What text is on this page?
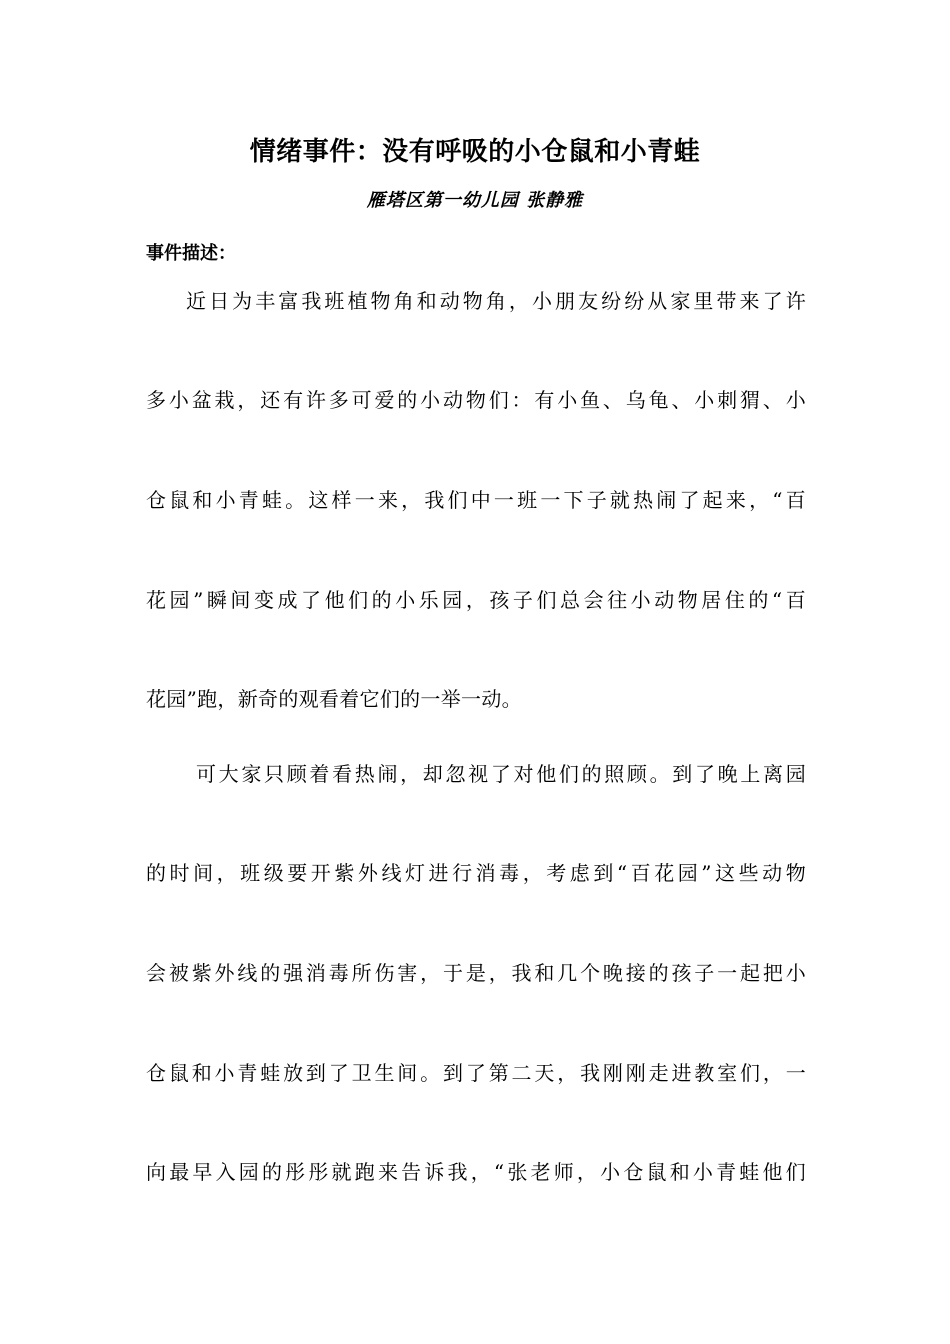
情绪事件：没有呼吸的小仓鼠和小青蛙
雁塔区第一幼儿园 张静雅
事件描述：
近日为丰富我班植物角和动物角，小朋友纷纷从家里带来了许
多小盆栽，还有许多可爱的小动物们：有小鱼、乌龟、小刺猬、小
仓鼠和小青蛙。这样一来，我们中一班一下子就热闹了起来，“百
花园”瞬间变成了他们的小乐园，孩子们总会往小动物居住的“百
花园”跑，新奇的观看着它们的一举一动。
可大家只顾着看热闹，却忽视了对他们的照顾。到了晚上离园
的时间，班级要开紫外线灯进行消毒，考虑到“百花园”这些动物
会被紫外线的强消毒所伤害，于是，我和几个晚接的孩子一起把小
仓鼠和小青蛙放到了卫生间。到了第二天，我刚刚走进教室们，一
向最早入园的彤彤就跑来告诉我，“张老师，小仓鼠和小青蛙他们
